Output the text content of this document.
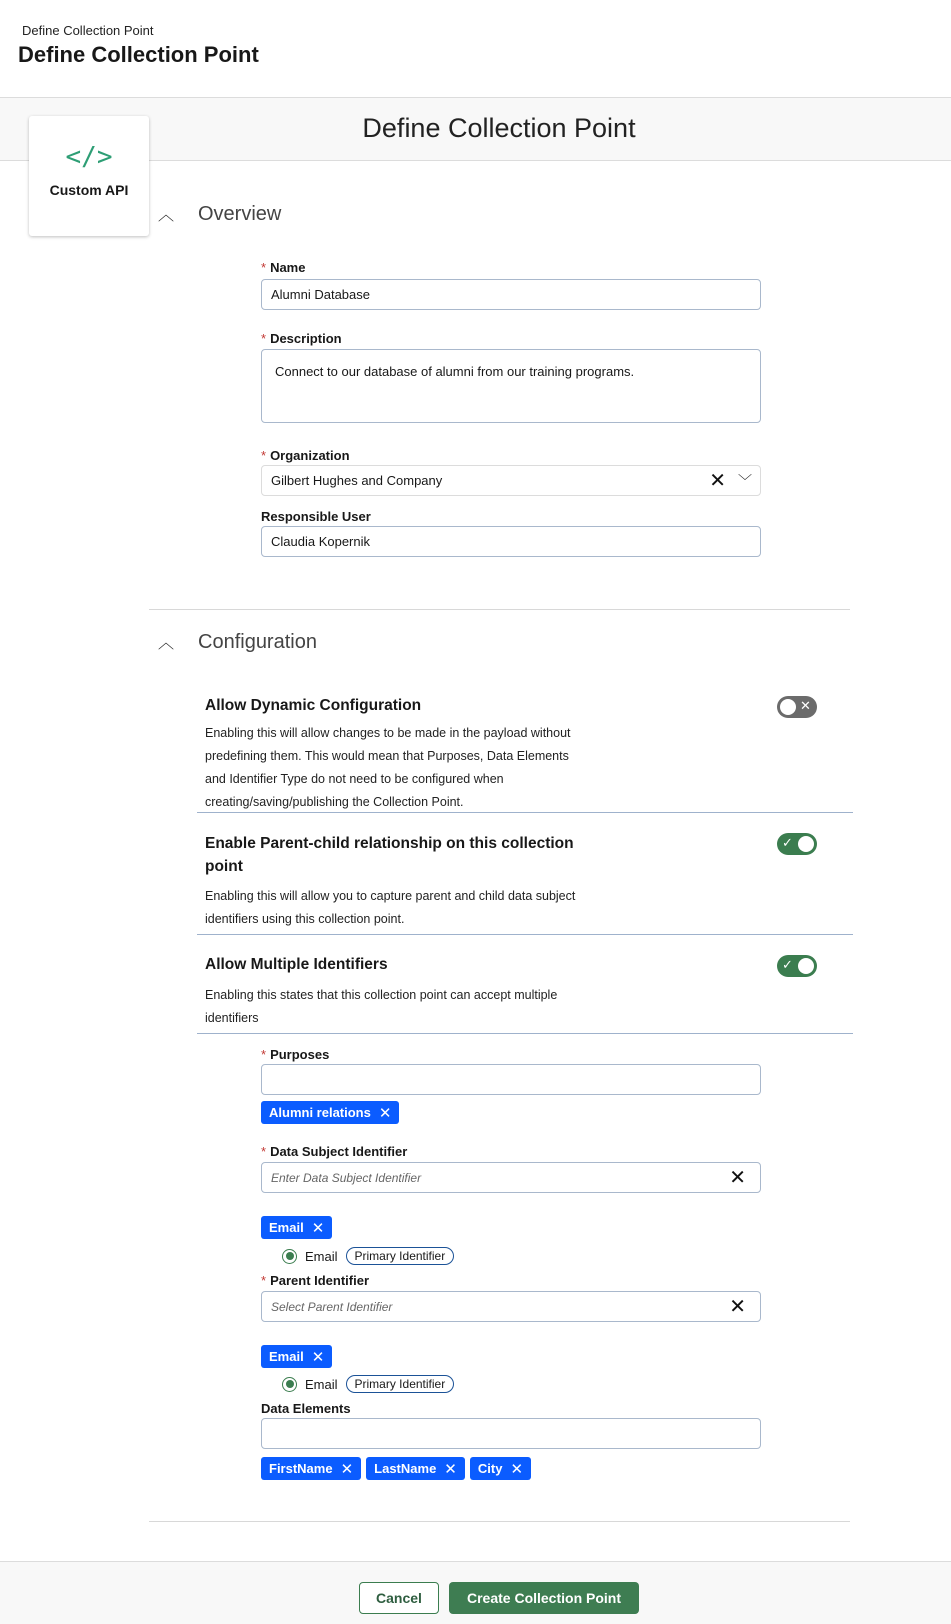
Define Collection Point
Define Collection Point
Define Collection Point
</>
Custom API
︿ Overview
* Name
Alumni Database
* Description
Connect to our database of alumni from our training programs.
* Organization
Gilbert Hughes and Company	✕ ﹀
Responsible User
Claudia Kopernik
︿ Configuration
Allow Dynamic Configuration
Enabling this will allow changes to be made in the payload without predefining them. This would mean that Purposes, Data Elements and Identifier Type do not need to be configured when creating/saving/publishing the Collection Point.
✕
Enable Parent-child relationship on this collection point
Enabling this will allow you to capture parent and child data subject identifiers using this collection point.
✓
Allow Multiple Identifiers
Enabling this states that this collection point can accept multiple identifiers
✓
* Purposes
Alumni relations ✕
* Data Subject Identifier
Enter Data Subject Identifier	✕
Email ✕
Email	Primary Identifier
* Parent Identifier
Select Parent Identifier	✕
Email ✕
Email	Primary Identifier
Data Elements
FirstName ✕ LastName ✕ City ✕
Cancel	Create Collection Point
